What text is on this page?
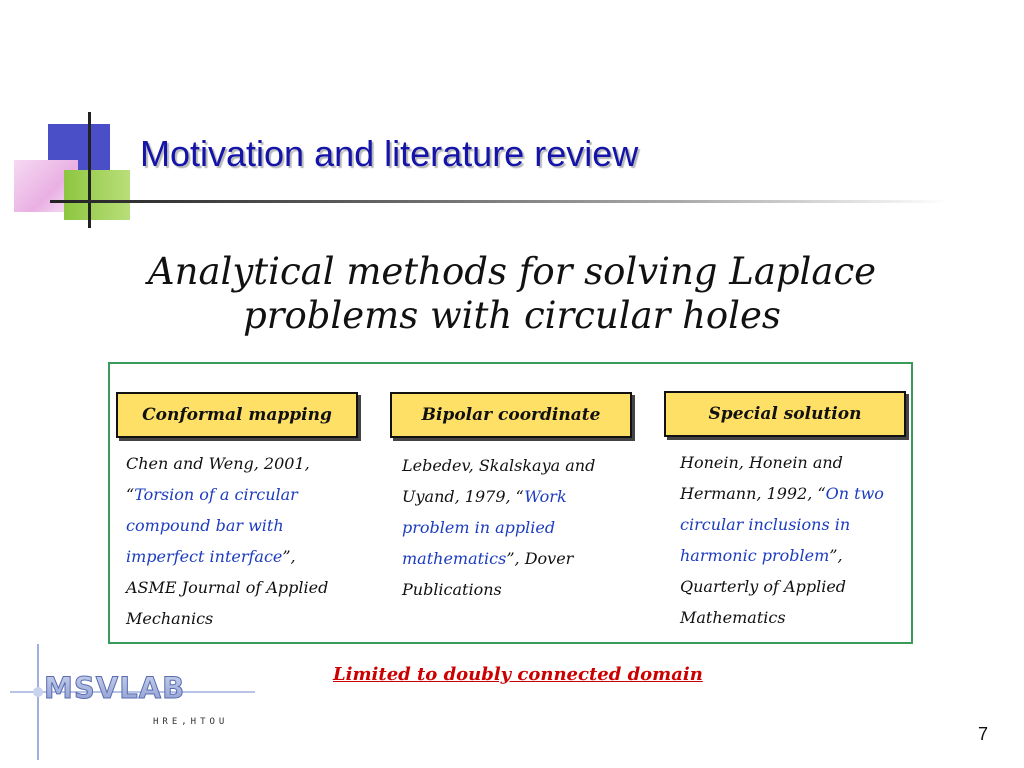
Motivation and literature review
Analytical methods for solving Laplace
problems with circular holes
Conformal mapping
Chen and Weng, 2001, “Torsion of a circular compound bar with imperfect interface”, ASME Journal of Applied Mechanics
Bipolar coordinate
Lebedev, Skalskaya and Uyand, 1979, “Work problem in applied mathematics”, Dover Publications
Special solution
Honein, Honein and Hermann, 1992, “On two circular inclusions in harmonic problem”, Quarterly of Applied Mathematics
Limited to doubly connected domain
MSVLAB
HRE,HTOU
7
